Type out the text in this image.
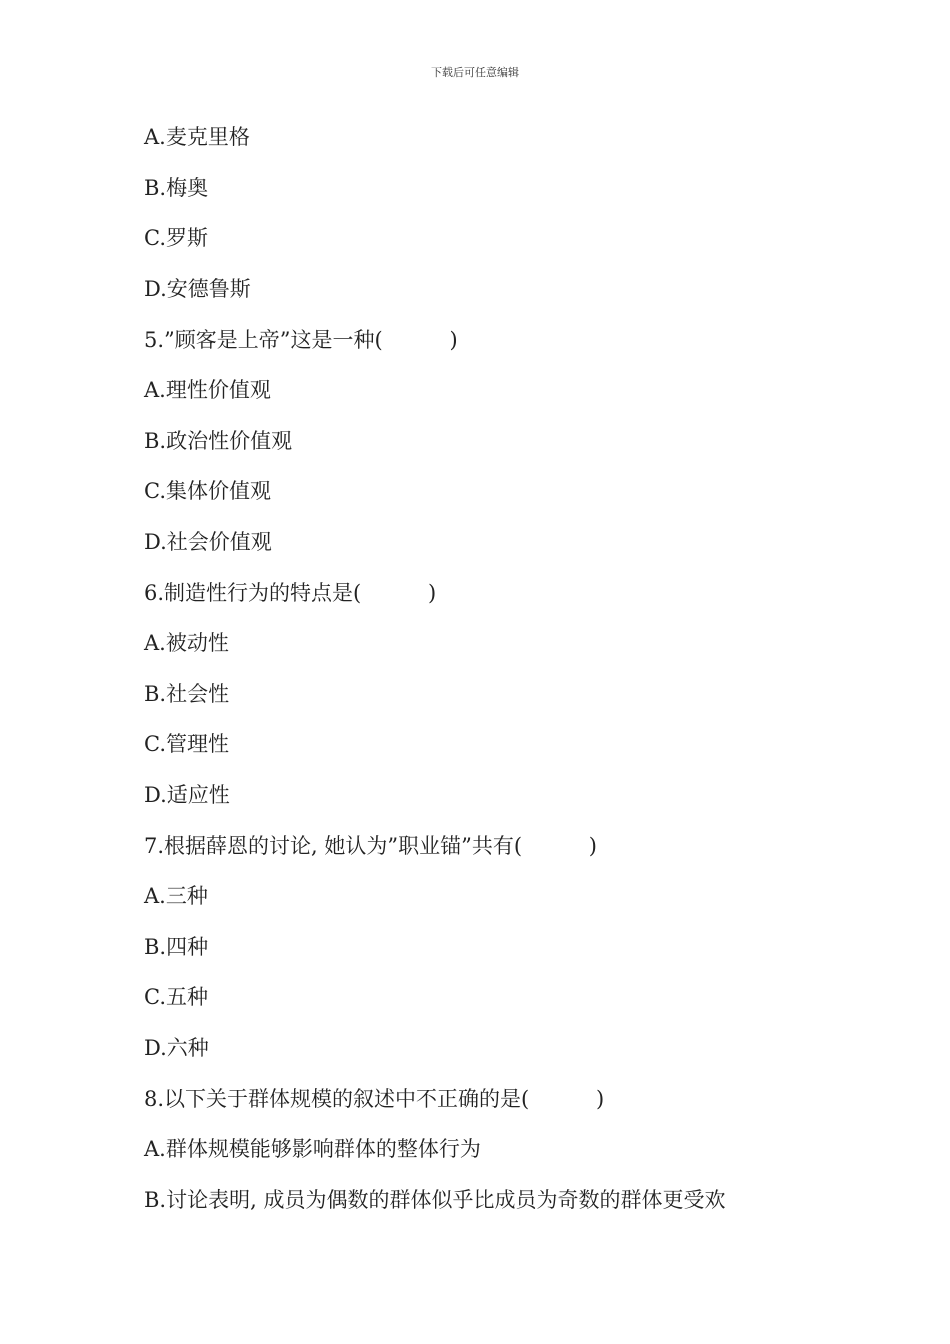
下载后可任意编辑
A.麦克里格
B.梅奥
C.罗斯
D.安德鲁斯
5.”顾客是上帝”这是一种(          )
A.理性价值观
B.政治性价值观
C.集体价值观
D.社会价值观
6.制造性行为的特点是(          )
A.被动性
B.社会性
C.管理性
D.适应性
7.根据薛恩的讨论, 她认为”职业锚”共有(          )
A.三种
B.四种
C.五种
D.六种
8.以下关于群体规模的叙述中不正确的是(          )
A.群体规模能够影响群体的整体行为
B.讨论表明, 成员为偶数的群体似乎比成员为奇数的群体更受欢
